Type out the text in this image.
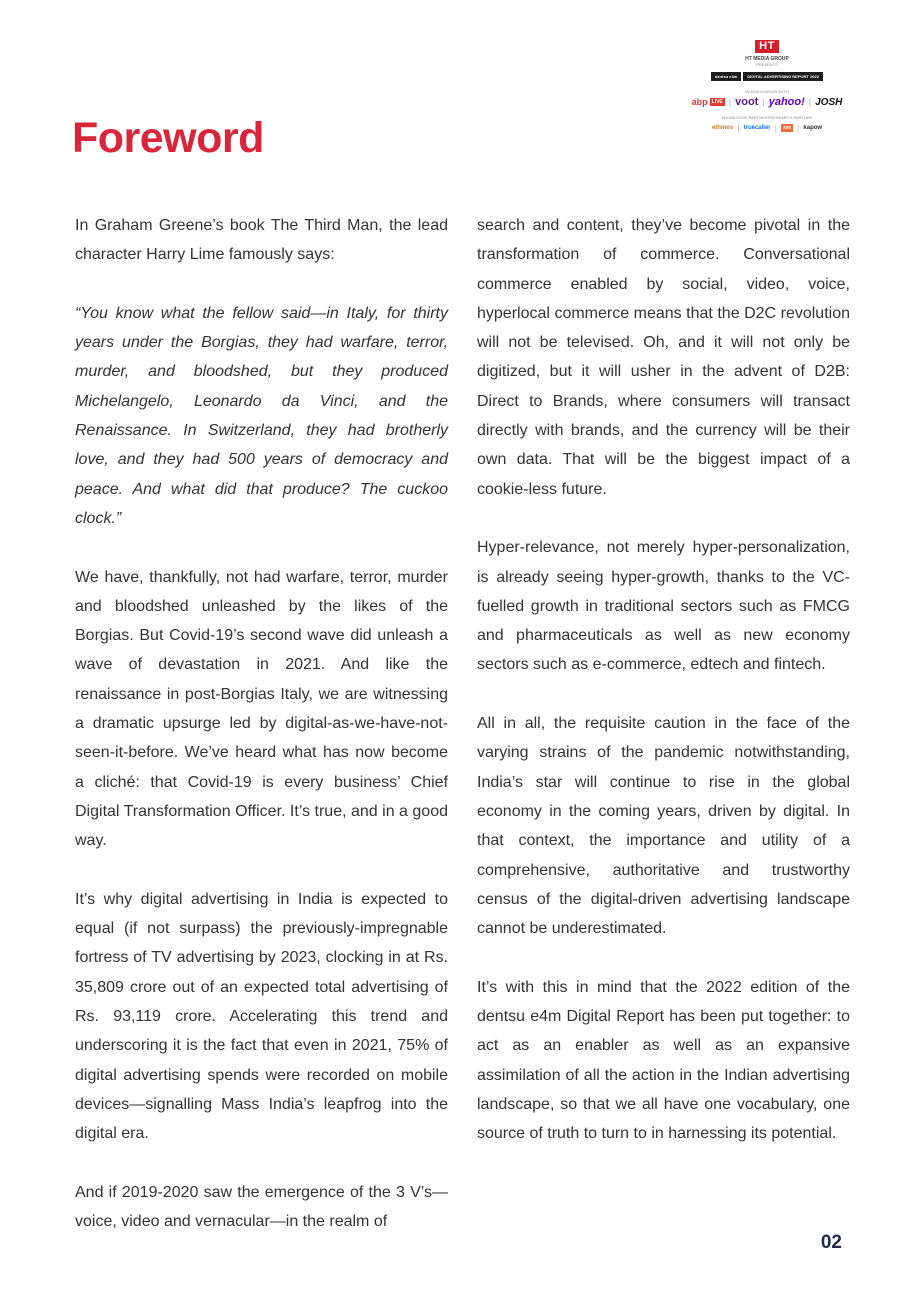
HT
HT MEDIA GROUP
PRESENTS
dentsu e4m	DIGITAL ADVERTISING REPORT 2022
IN ASSOCIATION WITH
abp LIVE | voot | yahoo! | JOSH
KNOWLEDGE PARTNERS RESEARCH PARTNER
ethinos | truecaller |	zee | kapow
Foreword

In Graham Greene’s book The Third Man, the lead character Harry Lime famously says:

“You know what the fellow said—in Italy, for thirty years under the Borgias, they had warfare, terror, murder, and bloodshed, but they produced Michelangelo, Leonardo da Vinci, and the Renaissance. In Switzerland, they had brotherly love, and they had 500 years of democracy and peace. And what did that produce? The cuckoo clock.”

We have, thankfully, not had warfare, terror, murder and bloodshed unleashed by the likes of the Borgias. But Covid-19’s second wave did unleash a wave of devastation in 2021. And like the renaissance in post-Borgias Italy, we are witnessing a dramatic upsurge led by digital-as-we-have-not-seen-it-before. We’ve heard what has now become a cliché: that Covid-19 is every business’ Chief Digital Transformation Officer. It’s true, and in a good way.

It’s why digital advertising in India is expected to equal (if not surpass) the previously-impregnable fortress of TV advertising by 2023, clocking in at Rs. 35,809 crore out of an expected total advertising of Rs. 93,119 crore. Accelerating this trend and underscoring it is the fact that even in 2021, 75% of digital advertising spends were recorded on mobile devices—signalling Mass India’s leapfrog into the digital era.

And if 2019-2020 saw the emergence of the 3 V’s—voice, video and vernacular—in the realm of

search and content, they’ve become pivotal in the transformation of commerce. Conversational commerce enabled by social, video, voice, hyperlocal commerce means that the D2C revolution will not be televised. Oh, and it will not only be digitized, but it will usher in the advent of D2B: Direct to Brands, where consumers will transact directly with brands, and the currency will be their own data. That will be the biggest impact of a cookie-less future.

Hyper-relevance, not merely hyper-personalization, is already seeing hyper-growth, thanks to the VC-fuelled growth in traditional sectors such as FMCG and pharmaceuticals as well as new economy sectors such as e-commerce, edtech and fintech.

All in all, the requisite caution in the face of the varying strains of the pandemic notwithstanding, India’s star will continue to rise in the global economy in the coming years, driven by digital. In that context, the importance and utility of a comprehensive, authoritative and trustworthy census of the digital-driven advertising landscape cannot be underestimated.

It’s with this in mind that the 2022 edition of the dentsu e4m Digital Report has been put together: to act as an enabler as well as an expansive assimilation of all the action in the Indian advertising landscape, so that we all have one vocabulary, one source of truth to turn to in harnessing its potential.

02
